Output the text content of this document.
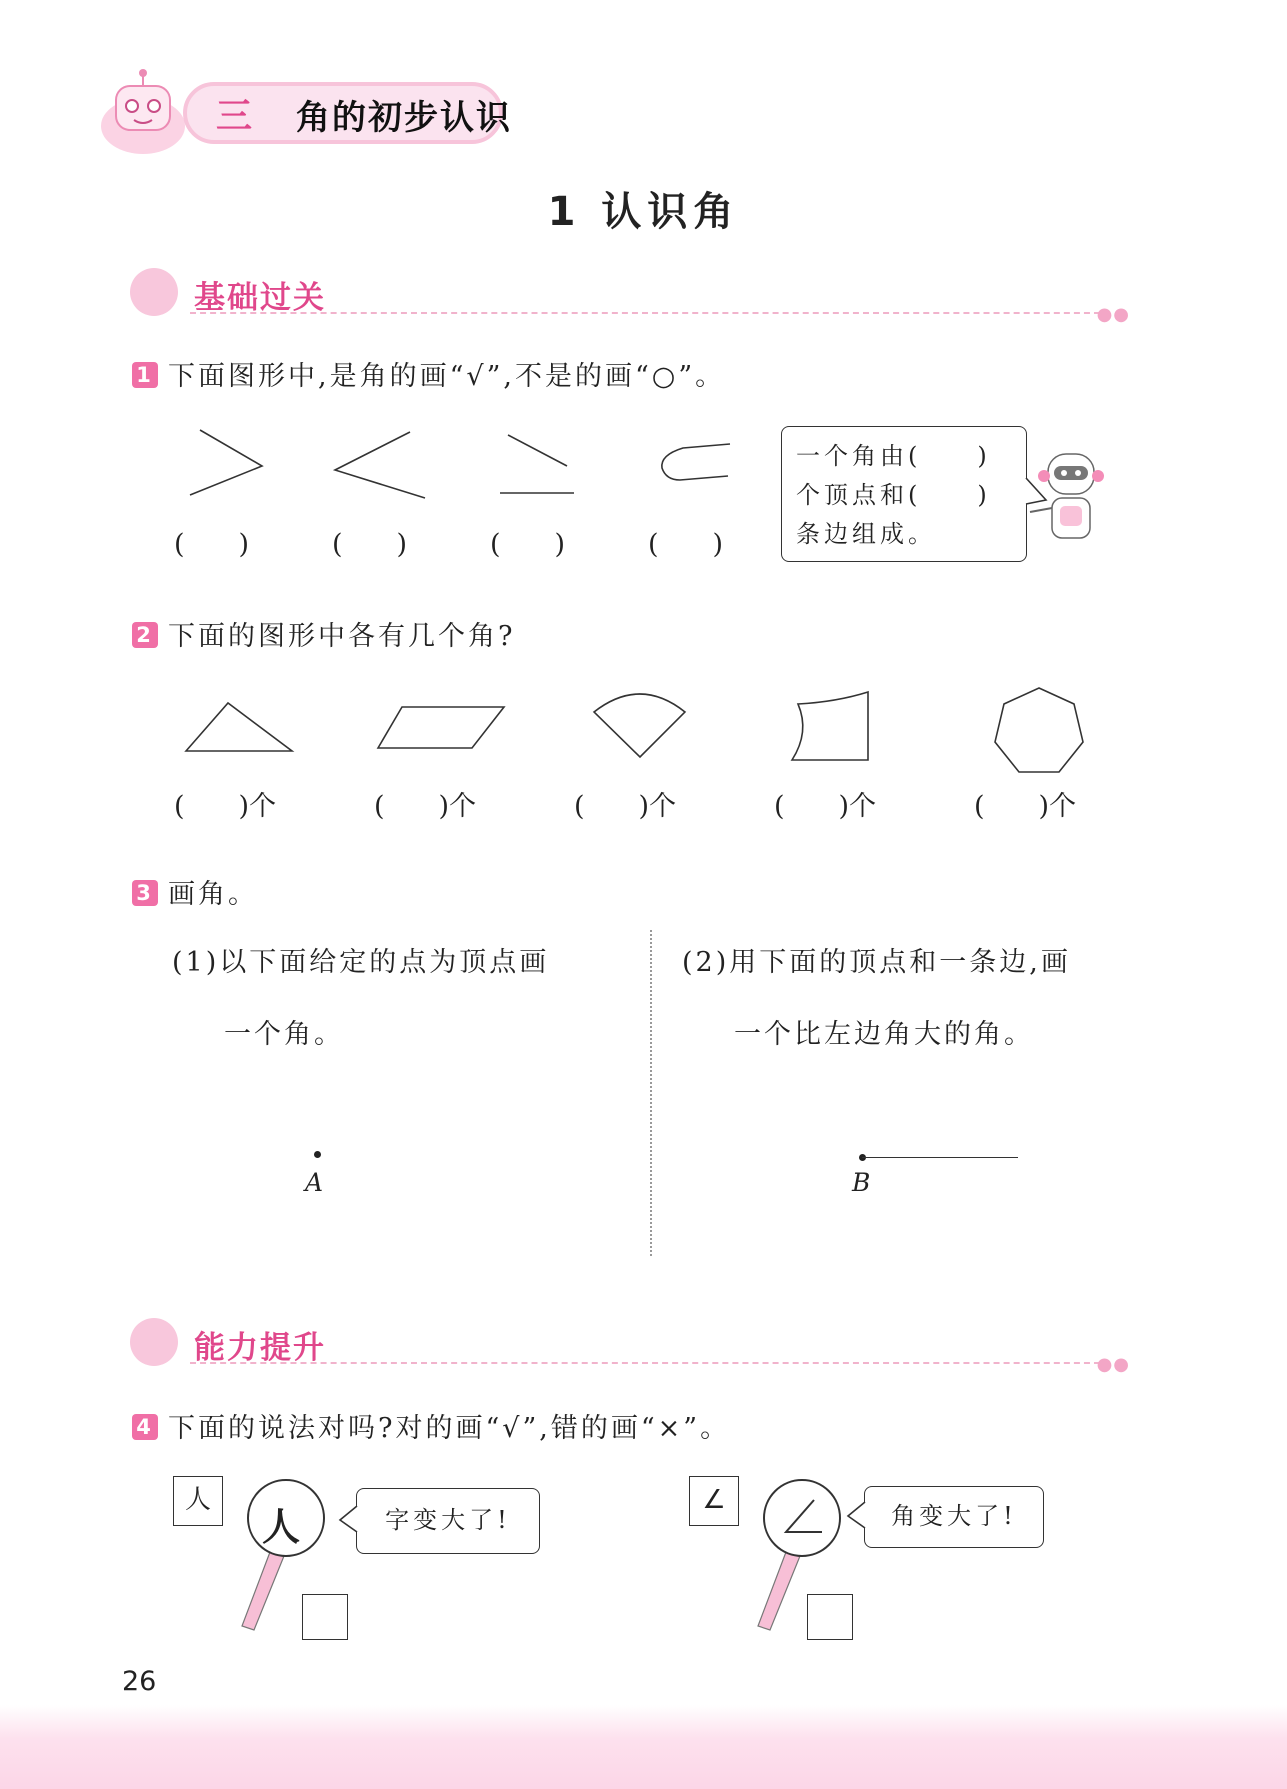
三 角的初步认识
1 认识角
基础过关	●●
1 下面图形中,是角的画“√”,不是的画“○”。
(　　)	(　　)	(　　)	(　　)
一个角由(　　)
个顶点和(　　)
条边组成。
2 下面的图形中各有几个角?
(　　)个	(　　)个	(　　)个	(　　)个	(　　)个
3 画角。
(1)以下面给定的点为顶点画
一个角。
(2)用下面的顶点和一条边,画
一个比左边角大的角。
A	B
能力提升	●●
4 下面的说法对吗?对的画“√”,错的画“×”。
人
人	字变大了!
∠
角变大了!
26
